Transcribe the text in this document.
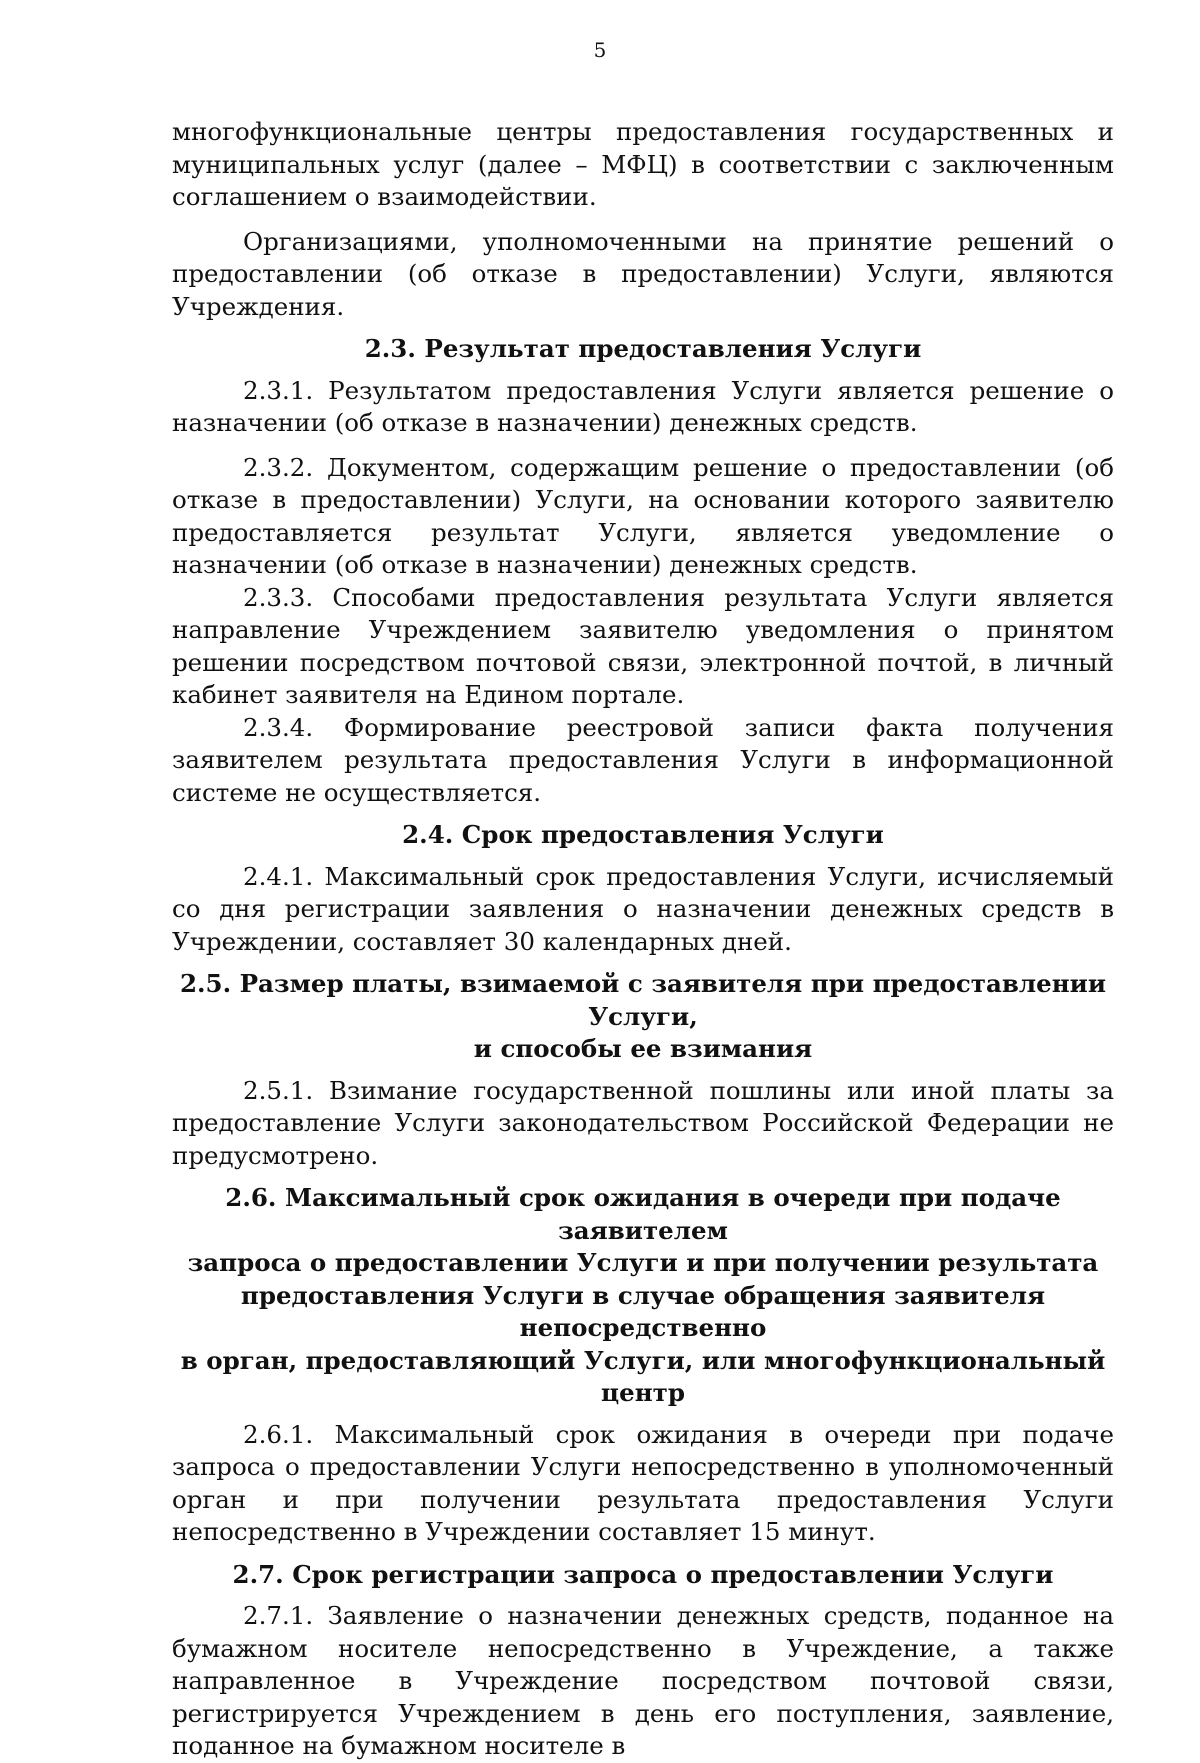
5

многофункциональные центры предоставления государственных и муниципальных услуг (далее – МФЦ) в соответствии с заключенным соглашением о взаимодействии.

Организациями, уполномоченными на принятие решений о предоставлении (об отказе в предоставлении) Услуги, являются Учреждения.

2.3. Результат предоставления Услуги

2.3.1. Результатом предоставления Услуги является решение о назначении (об отказе в назначении) денежных средств.

2.3.2. Документом, содержащим решение о предоставлении (об отказе в предоставлении) Услуги, на основании которого заявителю предоставляется результат Услуги, является уведомление о назначении (об отказе в назначении) денежных средств.

2.3.3. Способами предоставления результата Услуги является направление Учреждением заявителю уведомления о принятом решении посредством почтовой связи, электронной почтой, в личный кабинет заявителя на Едином портале.

2.3.4. Формирование реестровой записи факта получения заявителем результата предоставления Услуги в информационной системе не осуществляется.

2.4. Срок предоставления Услуги

2.4.1. Максимальный срок предоставления Услуги, исчисляемый со дня регистрации заявления о назначении денежных средств в Учреждении, составляет 30 календарных дней.

2.5. Размер платы, взимаемой с заявителя при предоставлении Услуги,
и способы ее взимания

2.5.1. Взимание государственной пошлины или иной платы за предоставление Услуги законодательством Российской Федерации не предусмотрено.

2.6. Максимальный срок ожидания в очереди при подаче заявителем
запроса о предоставлении Услуги и при получении результата
предоставления Услуги в случае обращения заявителя непосредственно
в орган, предоставляющий Услуги, или многофункциональный центр

2.6.1. Максимальный срок ожидания в очереди при подаче запроса о предоставлении Услуги непосредственно в уполномоченный орган и при получении результата предоставления Услуги непосредственно в Учреждении составляет 15 минут.

2.7. Срок регистрации запроса о предоставлении Услуги

2.7.1. Заявление о назначении денежных средств, поданное на бумажном носителе непосредственно в Учреждение, а также направленное в Учреждение посредством почтовой связи, регистрируется Учреждением в день его поступления, заявление, поданное на бумажном носителе в
